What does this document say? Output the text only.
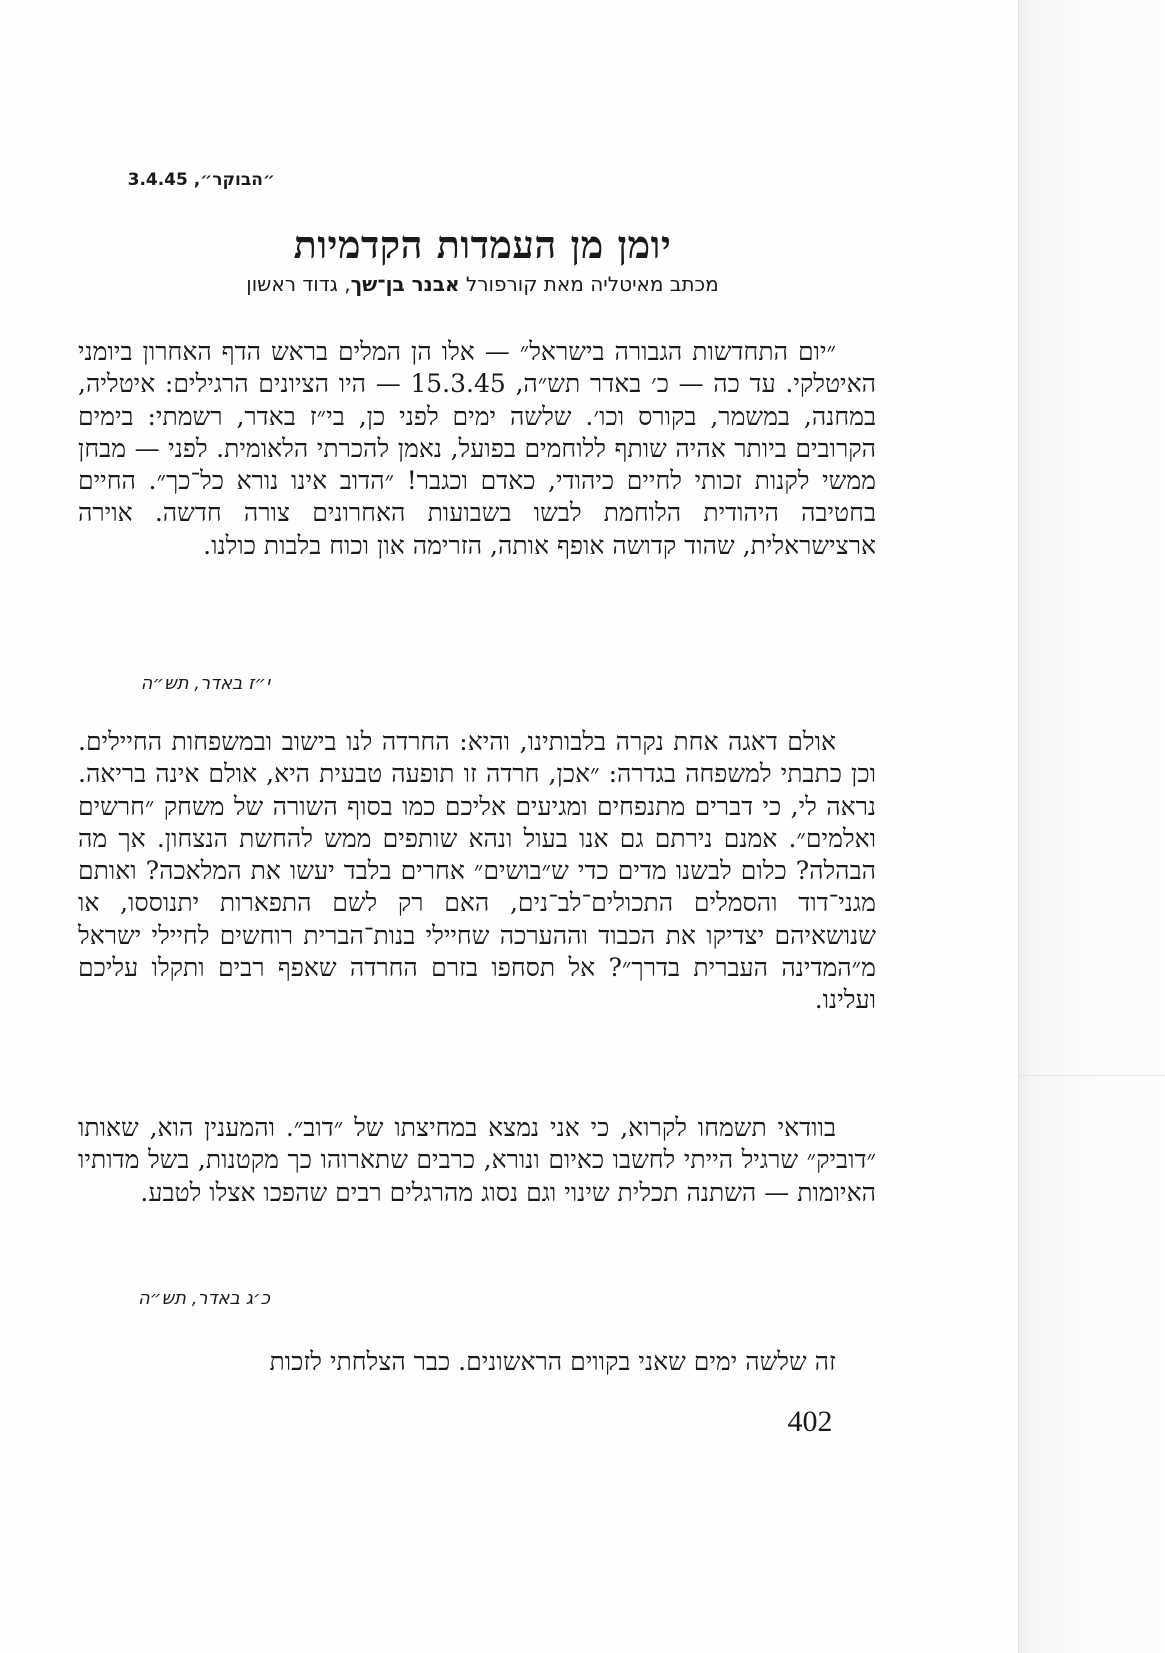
״הבוקר״, 3.4.45
יומן מן העמדות הקדמיות
מכתב מאיטליה מאת קורפורל אבנר בן־שך, גדוד ראשון

״יום התחדשות הגבורה בישראל״ — אלו הן המלים בראש הדף האחרון ביומני האיטלקי. עד כה — כ׳ באדר תש״ה, 15.3.45 — היו הציונים הרגילים: איטליה, במחנה, במשמר, בקורס וכו׳. שלשה ימים לפני כן, בי״ז באדר, רשמתי: בימים הקרובים ביותר אהיה שותף ללוחמים בפועל, נאמן להכרתי הלאומית. לפני — מבחן ממשי לקנות זכותי לחיים כיהודי, כאדם וכגבר! ״הדוב אינו נורא כל־כך״. החיים בחטיבה היהודית הלוחמת לבשו בשבועות האחרונים צורה חדשה. אוירה ארצישראלית, שהוד קדושה אופף אותה, הזרימה און וכוח בלבות כולנו.

י״ז באדר, תש״ה

אולם דאגה אחת נקרה בלבותינו, והיא: החרדה לנו בישוב ובמשפחות החיילים. וכן כתבתי למשפחה בגדרה: ״אכן, חרדה זו תופעה טבעית היא, אולם אינה בריאה. נראה לי, כי דברים מתנפחים ומגיעים אליכם כמו בסוף השורה של משחק ״חרשים ואלמים״. אמנם נירתם גם אנו בעול ונהא שותפים ממש להחשת הנצחון. אך מה הבהלה? כלום לבשנו מדים כדי ש״בושים״ אחרים בלבד יעשו את המלאכה? ואותם מגני־דוד והסמלים התכולים־לב־נים, האם רק לשם התפארות יתנוססו, או שנושאיהם יצדיקו את הכבוד וההערכה שחיילי בנות־הברית רוחשים לחיילי ישראל מ״המדינה העברית בדרך״? אל תסחפו בזרם החרדה שאפף רבים ותקלו עליכם ועלינו.

בוודאי תשמחו לקרוא, כי אני נמצא במחיצתו של ״דוב״. והמענין הוא, שאותו ״דוביק״ שרגיל הייתי לחשבו כאיום ונורא, כרבים שתארוהו כך מקטנות, בשל מדותיו האיומות — השתנה תכלית שינוי וגם נסוג מהרגלים רבים שהפכו אצלו לטבע.

כ׳ג באדר, תש״ה

זה שלשה ימים שאני בקווים הראשונים. כבר הצלחתי לזכות

402
